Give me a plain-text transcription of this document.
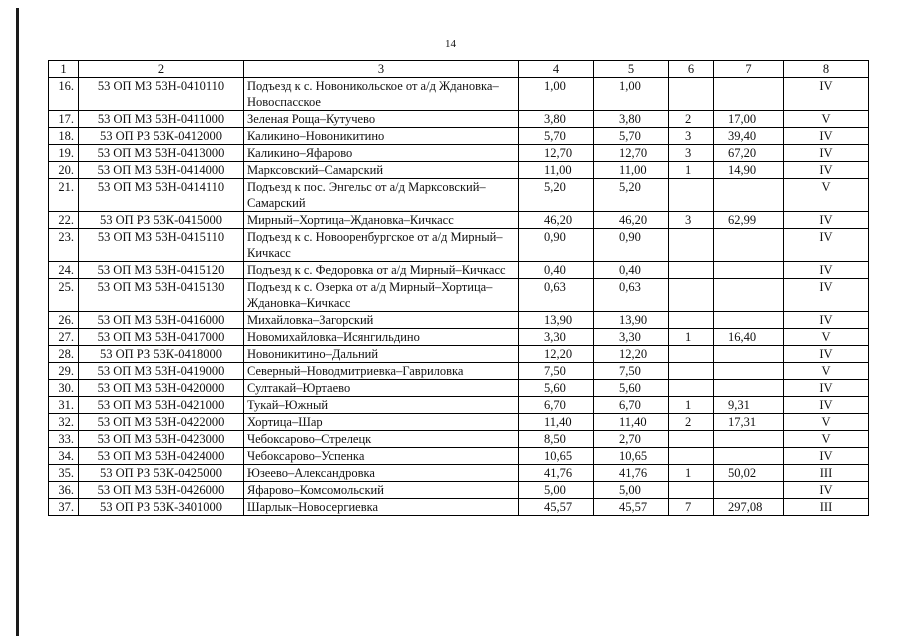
14
1	2	3	4	5	6	7	8
16.	53 ОП МЗ 53Н-0410110	Подъезд к с. Новоникольское от а/д Ждановка–Новоспасское	1,00	1,00			IV
17.	53 ОП МЗ 53Н-0411000	Зеленая Роща–Кутучево	3,80	3,80	2	17,00	V
18.	53 ОП РЗ 53К-0412000	Каликино–Новоникитино	5,70	5,70	3	39,40	IV
19.	53 ОП МЗ 53Н-0413000	Каликино–Яфарово	12,70	12,70	3	67,20	IV
20.	53 ОП МЗ 53Н-0414000	Марксовский–Самарский	11,00	11,00	1	14,90	IV
21.	53 ОП МЗ 53Н-0414110	Подъезд к пос. Энгельс от а/д Марксовский–Самарский	5,20	5,20			V
22.	53 ОП РЗ 53К-0415000	Мирный–Хортица–Ждановка–Кичкасс	46,20	46,20	3	62,99	IV
23.	53 ОП МЗ 53Н-0415110	Подъезд к с. Новооренбургское от а/д Мирный–Кичкасс	0,90	0,90			IV
24.	53 ОП МЗ 53Н-0415120	Подъезд к с. Федоровка от а/д Мирный–Кичкасс	0,40	0,40			IV
25.	53 ОП МЗ 53Н-0415130	Подъезд к с. Озерка от а/д Мирный–Хортица–Ждановка–Кичкасс	0,63	0,63			IV
26.	53 ОП МЗ 53Н-0416000	Михайловка–Загорский	13,90	13,90			IV
27.	53 ОП МЗ 53Н-0417000	Новомихайловка–Исянгильдино	3,30	3,30	1	16,40	V
28.	53 ОП РЗ 53К-0418000	Новоникитино–Дальний	12,20	12,20			IV
29.	53 ОП МЗ 53Н-0419000	Северный–Новодмитриевка–Гавриловка	7,50	7,50			V
30.	53 ОП МЗ 53Н-0420000	Султакай–Юртаево	5,60	5,60			IV
31.	53 ОП МЗ 53Н-0421000	Тукай–Южный	6,70	6,70	1	9,31	IV
32.	53 ОП МЗ 53Н-0422000	Хортица–Шар	11,40	11,40	2	17,31	V
33.	53 ОП МЗ 53Н-0423000	Чебоксарово–Стрелецк	8,50	2,70			V
34.	53 ОП МЗ 53Н-0424000	Чебоксарово–Успенка	10,65	10,65			IV
35.	53 ОП РЗ 53К-0425000	Юзеево–Александровка	41,76	41,76	1	50,02	III
36.	53 ОП МЗ 53Н-0426000	Яфарово–Комсомольский	5,00	5,00			IV
37.	53 ОП РЗ 53К-3401000	Шарлык–Новосергиевка	45,57	45,57	7	297,08	III
